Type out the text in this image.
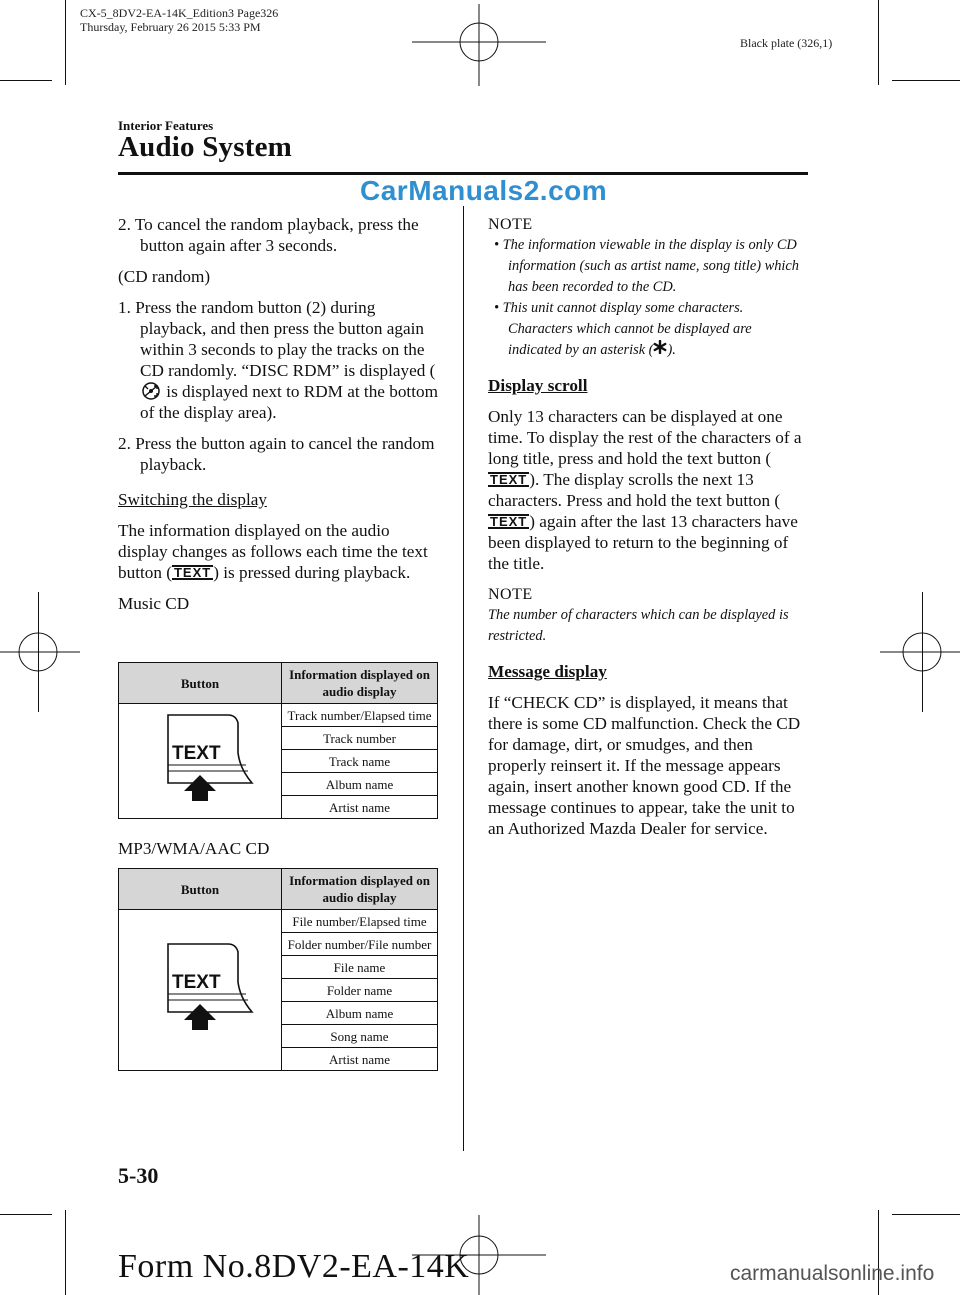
CX-5_8DV2-EA-14K_Edition3 Page326
Thursday, February 26 2015 5:33 PM
Black plate (326,1)
Interior Features
Audio System
CarManuals2.com

2. To cancel the random playback, press the button again after 3 seconds.

(CD random)

1. Press the random button (2) during playback, and then press the button again within 3 seconds to play the tracks on the CD randomly. “DISC RDM” is displayed ( is displayed next to RDM at the bottom of the display area).

2. Press the button again to cancel the random playback.

Switching the display

The information displayed on the audio display changes as follows each time the text button ( TEXT ) is pressed during playback.

Music CD

Button	Information displayed on audio display

TEXT	Track number/Elapsed time
	Track number
	Track name
	Album name
	Artist name
MP3/WMA/AAC CD
Button	Information displayed on audio display

TEXT	File number/Elapsed time
	Folder number/File number
	File name
	Folder name
	Album name
	Song name
	Artist name

NOTE

• The information viewable in the display is only CD information (such as artist name, song title) which has been recorded to the CD.

• This unit cannot display some characters. Characters which cannot be displayed are indicated by an asterisk ( ).

Display scroll

Only 13 characters can be displayed at one time. To display the rest of the characters of a long title, press and hold the text button (TEXT ). The display scrolls the next 13 characters. Press and hold the text button (TEXT ) again after the last 13 characters have been displayed to return to the beginning of the title.

NOTE

The number of characters which can be displayed is restricted.

Message display

If “CHECK CD” is displayed, it means that there is some CD malfunction. Check the CD for damage, dirt, or smudges, and then properly reinsert it. If the message appears again, insert another known good CD. If the message continues to appear, take the unit to an Authorized Mazda Dealer for service.

5-30
Form No.8DV2-EA-14K	carmanualsonline.info
